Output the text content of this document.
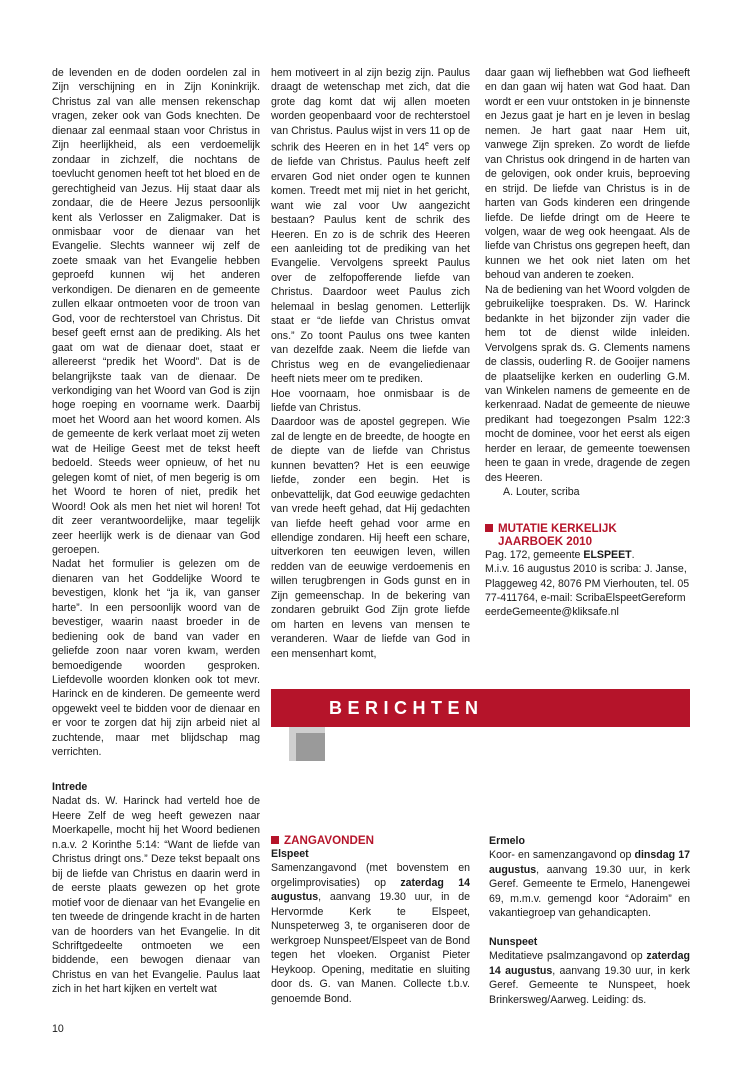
de levenden en de doden oordelen zal in Zijn verschijning en in Zijn Koninkrijk. Christus zal van alle mensen rekenschap vragen, zeker ook van Gods knechten. De dienaar zal eenmaal staan voor Christus in Zijn heerlijkheid, als een verdoemelijk zondaar in zichzelf, die nochtans de toevlucht genomen heeft tot het bloed en de gerechtigheid van Jezus. Hij staat daar als zondaar, die de Heere Jezus persoonlijk kent als Verlosser en Zaligmaker. Dat is onmisbaar voor de dienaar van het Evangelie. Slechts wanneer wij zelf de zoete smaak van het Evangelie hebben geproefd kunnen wij het anderen verkondigen. De dienaren en de gemeente zullen elkaar ontmoeten voor de troon van God, voor de rechterstoel van Christus. Dit besef geeft ernst aan de prediking. Als het gaat om wat de dienaar doet, staat er allereerst “predik het Woord”. Dat is de belangrijkste taak van de dienaar. De verkondiging van het Woord van God is zijn hoge roeping en voorname werk. Daarbij moet het Woord aan het woord komen. Als de gemeente de kerk verlaat moet zij weten wat de Heilige Geest met de tekst heeft bedoeld. Steeds weer opnieuw, of het nu gelegen komt of niet, of men begerig is om het Woord te horen of niet, predik het Woord! Ook als men het niet wil horen! Tot dit zeer verantwoordelijke, maar tegelijk zeer heerlijk werk is de dienaar van God geroepen.

Nadat het formulier is gelezen om de dienaren van het Goddelijke Woord te bevestigen, klonk het “ja ik, van ganser harte”. In een persoonlijk woord van de bevestiger, waarin naast broeder in de bediening ook de band van vader en geliefde zoon naar voren kwam, werden bemoedigende woorden gesproken. Liefdevolle woorden klonken ook tot mevr. Harinck en de kinderen. De gemeente werd opgewekt veel te bidden voor de dienaar en er voor te zorgen dat hij zijn arbeid niet al zuchtende, maar met blijdschap mag verrichten.

Intrede

Nadat ds. W. Harinck had verteld hoe de Heere Zelf de weg heeft gewezen naar Moerkapelle, mocht hij het Woord bedienen n.a.v. 2 Korinthe 5:14: “Want de liefde van Christus dringt ons.” Deze tekst bepaalt ons bij de liefde van Christus en daarin werd in de eerste plaats gewezen op het grote motief voor de dienaar van het Evangelie en ten tweede de dringende kracht in de harten van de hoorders van het Evangelie. In dit Schriftgedeelte ontmoeten we een biddende, een bewogen dienaar van Christus en van het Evangelie. Paulus laat zich in het hart kijken en vertelt wat

hem motiveert in al zijn bezig zijn. Paulus draagt de wetenschap met zich, dat die grote dag komt dat wij allen moeten worden geopenbaard voor de rechterstoel van Christus. Paulus wijst in vers 11 op de schrik des Heeren en in het 14e vers op de liefde van Christus. Paulus heeft zelf ervaren God niet onder ogen te kunnen komen. Treedt met mij niet in het gericht, want wie zal voor Uw aangezicht bestaan? Paulus kent de schrik des Heeren. En zo is de schrik des Heeren een aanleiding tot de prediking van het Evangelie. Vervolgens spreekt Paulus over de zelfopofferende liefde van Christus. Daardoor weet Paulus zich helemaal in beslag genomen. Letterlijk staat er “de liefde van Christus omvat ons.” Zo toont Paulus ons twee kanten van dezelfde zaak. Neem die liefde van Christus weg en de evangeliedienaar heeft niets meer om te prediken.

Hoe voornaam, hoe onmisbaar is de liefde van Christus.

Daardoor was de apostel gegrepen. Wie zal de lengte en de breedte, de hoogte en de diepte van de liefde van Christus kunnen bevatten? Het is een eeuwige liefde, zonder een begin. Het is onbevattelijk, dat God eeuwige gedachten van vrede heeft gehad, dat Hij gedachten van liefde heeft gehad voor arme en ellendige zondaren. Hij heeft een schare, uitverkoren ten eeuwigen leven, willen redden van de eeuwige verdoemenis en willen terugbrengen in Gods gunst en in Zijn gemeenschap. In de bekering van zondaren gebruikt God Zijn grote liefde om harten en levens van mensen te veranderen. Waar de liefde van God in een mensenhart komt,

daar gaan wij liefhebben wat God liefheeft en dan gaan wij haten wat God haat. Dan wordt er een vuur ontstoken in je binnenste en Jezus gaat je hart en je leven in beslag nemen. Je hart gaat naar Hem uit, vanwege Zijn spreken. Zo wordt de liefde van Christus ook dringend in de harten van de gelovigen, ook onder kruis, beproeving en strijd. De liefde van Christus is in de harten van Gods kinderen een dringende liefde. De liefde dringt om de Heere te volgen, waar de weg ook heengaat. Als de liefde van Christus ons gegrepen heeft, dan kunnen we het ook niet laten om het behoud van anderen te zoeken.

Na de bediening van het Woord volgden de gebruikelijke toespraken. Ds. W. Harinck bedankte in het bijzonder zijn vader die hem tot de dienst wilde inleiden. Vervolgens sprak ds. G. Clements namens de classis, ouderling R. de Gooijer namens de plaatselijke kerken en ouderling G.M. van Winkelen namens de gemeente en de kerkenraad. Nadat de gemeente de nieuwe predikant had toegezongen Psalm 122:3 mocht de dominee, voor het eerst als eigen herder en leraar, de gemeente toewensen heen te gaan in vrede, dragende de zegen des Heeren.

A. Louter, scriba

MUTATIE KERKELIJK
JAARBOEK 2010

Pag. 172, gemeente ELSPEET.

M.i.v. 16 augustus 2010 is scriba: J. Janse, Plaggeweg 42, 8076 PM Vierhouten, tel. 0577-411764, e-mail: ScribaElspeetGereformeerdeGemeente@kliksafe.nl

BERICHTEN
ZANGAVONDEN

Elspeet

Samenzangavond (met bovenstem en orgelimprovisaties) op zaterdag 14 augustus, aanvang 19.30 uur, in de Hervormde Kerk te Elspeet, Nunspeterweg 3, te organiseren door de werkgroep Nunspeet/Elspeet van de Bond tegen het vloeken. Organist Pieter Heykoop. Opening, meditatie en sluiting door ds. G. van Manen. Collecte t.b.v. genoemde Bond.

Ermelo

Koor- en samenzangavond op dinsdag 17 augustus, aanvang 19.30 uur, in kerk Geref. Gemeente te Ermelo, Hanengewei 69, m.m.v. gemengd koor “Adoraim” en vakantiegroep van gehandicapten.

Nunspeet

Meditatieve psalmzangavond op zaterdag 14 augustus, aanvang 19.30 uur, in kerk Geref. Gemeente te Nunspeet, hoek Brinkersweg/Aarweg. Leiding: ds.

10
